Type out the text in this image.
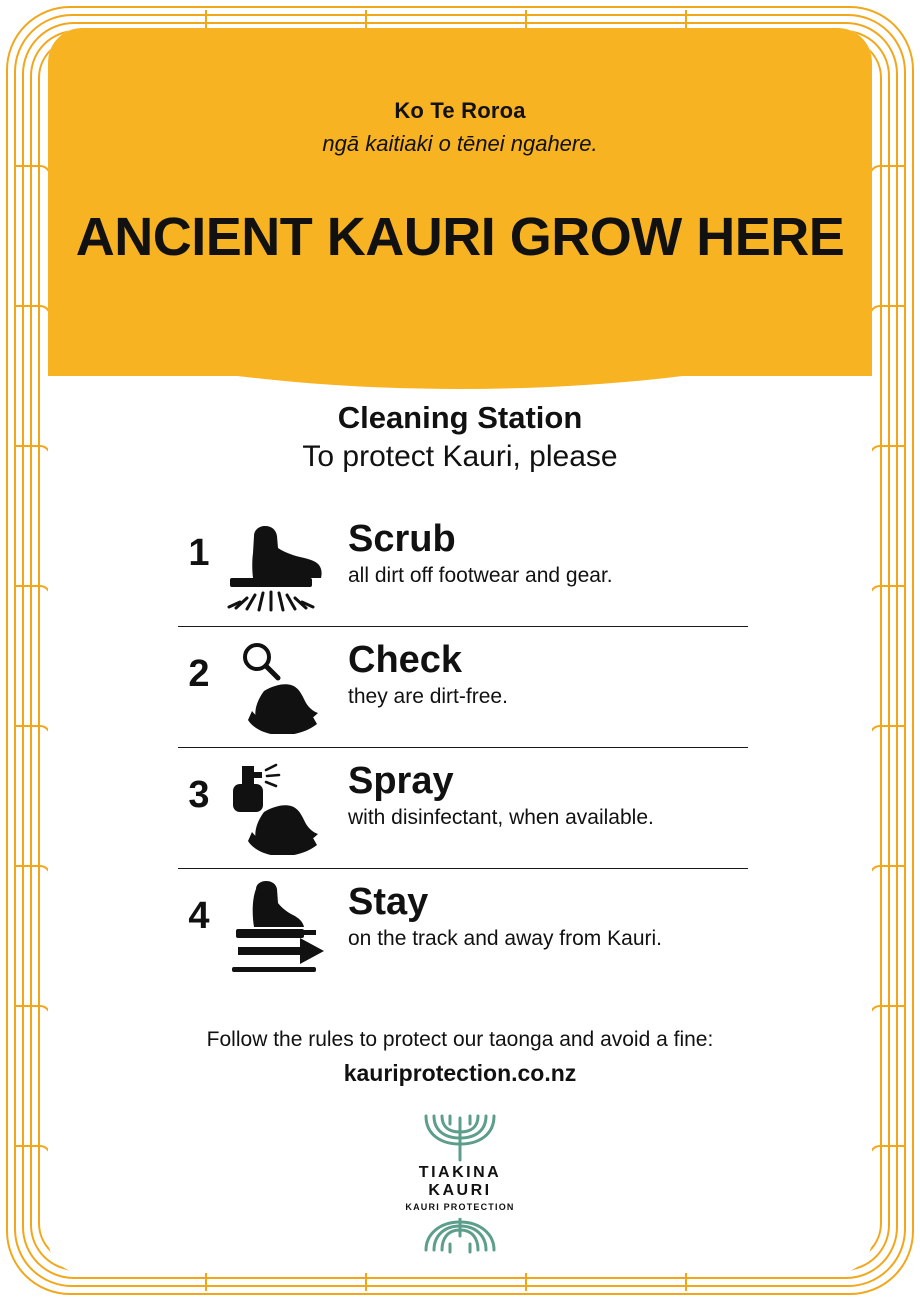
Ko Te Roroa
ngā kaitiaki o tēnei ngahere.
ANCIENT KAURI GROW HERE
Cleaning Station
To protect Kauri, please
1	Scrub
all dirt off footwear and gear.
2	Check
they are dirt-free.
3	Spray
with disinfectant, when available.
4	Stay
on the track and away from Kauri.
Follow the rules to protect our taonga and avoid a fine:
kauriprotection.co.nz
TIAKINA
KAURI
KAURI PROTECTION
